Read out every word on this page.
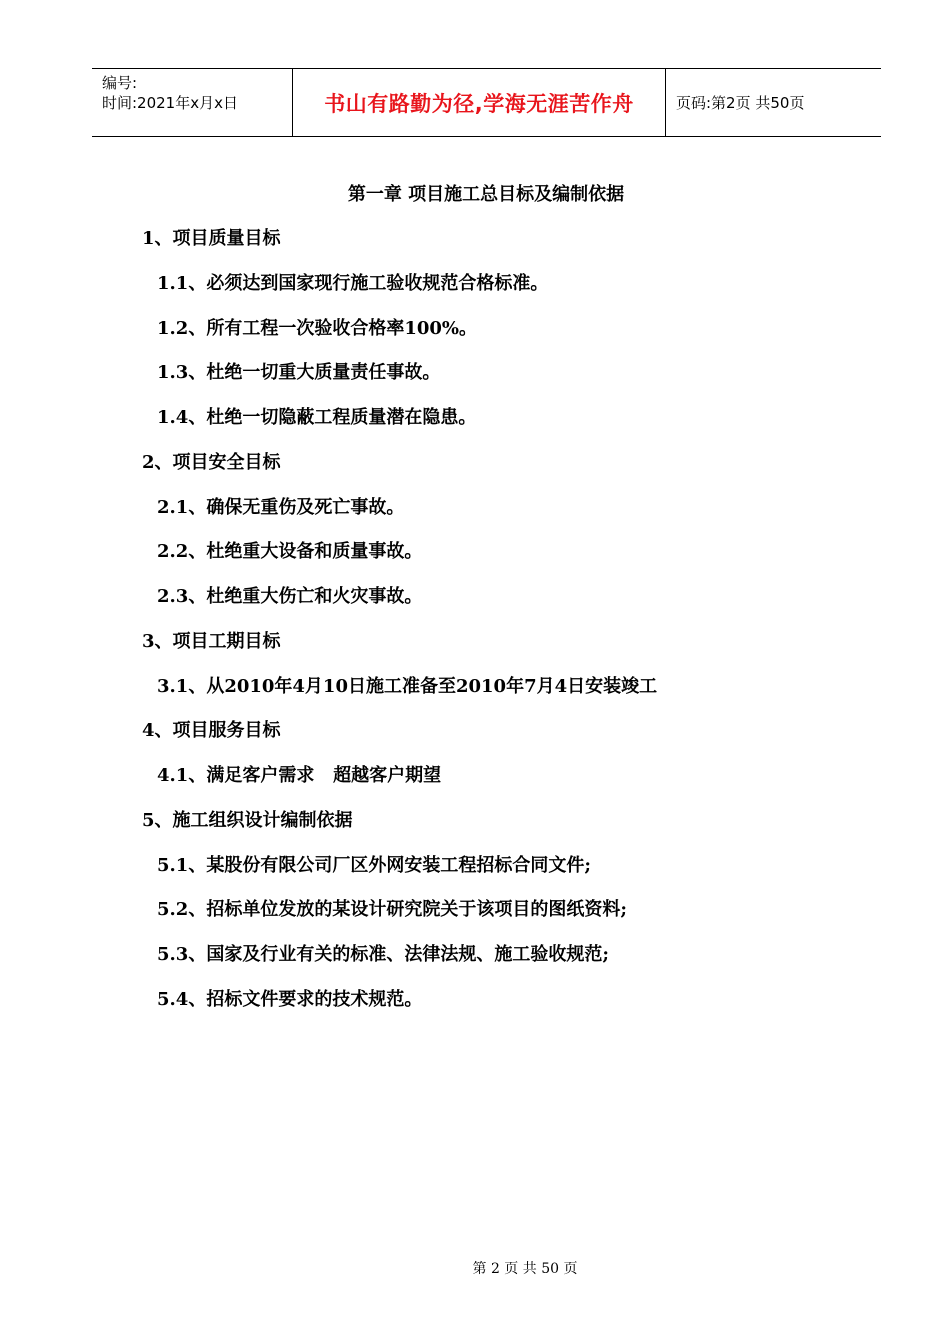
编号:
时间:2021年x月x日	书山有路勤为径,学海无涯苦作舟	页码:第2页 共50页
第一章 项目施工总目标及编制依据
1、项目质量目标
1.1、必须达到国家现行施工验收规范合格标准。
1.2、所有工程一次验收合格率100%。
1.3、杜绝一切重大质量责任事故。
1.4、杜绝一切隐蔽工程质量潜在隐患。
2、项目安全目标
2.1、确保无重伤及死亡事故。
2.2、杜绝重大设备和质量事故。
2.3、杜绝重大伤亡和火灾事故。
3、项目工期目标
3.1、从2010年4月10日施工准备至2010年7月4日安装竣工
4、项目服务目标
4.1、满足客户需求   超越客户期望
5、施工组织设计编制依据
5.1、某股份有限公司厂区外网安装工程招标合同文件;
5.2、招标单位发放的某设计研究院关于该项目的图纸资料;
5.3、国家及行业有关的标准、法律法规、施工验收规范;
5.4、招标文件要求的技术规范。
第 2 页 共 50 页
